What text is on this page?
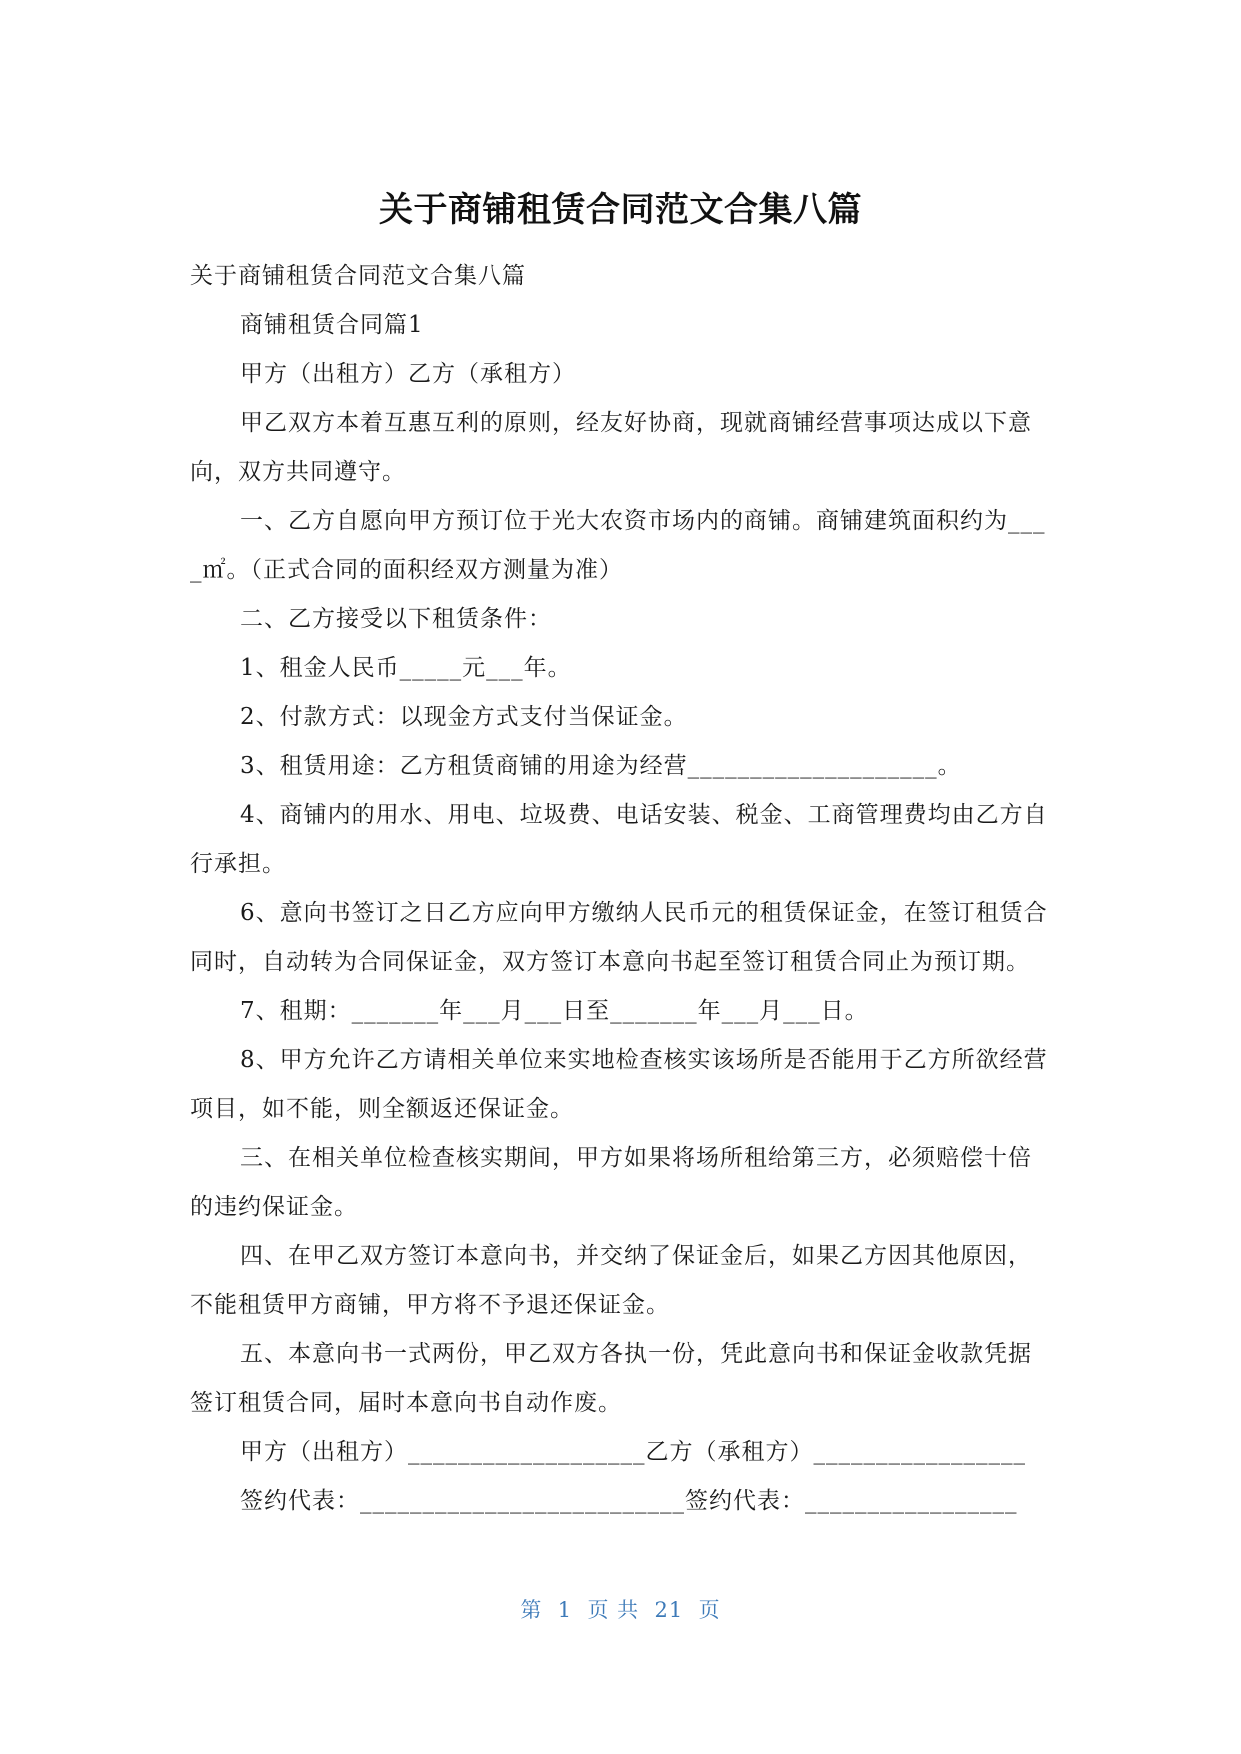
关于商铺租赁合同范文合集八篇

关于商铺租赁合同范文合集八篇

商铺租赁合同篇1

甲方（出租方）乙方（承租方）

甲乙双方本着互惠互利的原则，经友好协商，现就商铺经营事项达成以下意向，双方共同遵守。

一、乙方自愿向甲方预订位于光大农资市场内的商铺。商铺建筑面积约为____㎡。（正式合同的面积经双方测量为准）

二、乙方接受以下租赁条件：

1、租金人民币_____元___年。

2、付款方式：以现金方式支付当保证金。

3、租赁用途：乙方租赁商铺的用途为经营____________________。

4、商铺内的用水、用电、垃圾费、电话安装、税金、工商管理费均由乙方自行承担。

6、意向书签订之日乙方应向甲方缴纳人民币元的租赁保证金，在签订租赁合同时，自动转为合同保证金，双方签订本意向书起至签订租赁合同止为预订期。

7、租期：_______年___月___日至_______年___月___日。

8、甲方允许乙方请相关单位来实地检查核实该场所是否能用于乙方所欲经营项目，如不能，则全额返还保证金。

三、在相关单位检查核实期间，甲方如果将场所租给第三方，必须赔偿十倍的违约保证金。

四、在甲乙双方签订本意向书，并交纳了保证金后，如果乙方因其他原因，不能租赁甲方商铺，甲方将不予退还保证金。

五、本意向书一式两份，甲乙双方各执一份，凭此意向书和保证金收款凭据签订租赁合同，届时本意向书自动作废。

甲方（出租方）___________________乙方（承租方）_________________

签约代表：__________________________签约代表：_________________

第  1  页 共  21  页
